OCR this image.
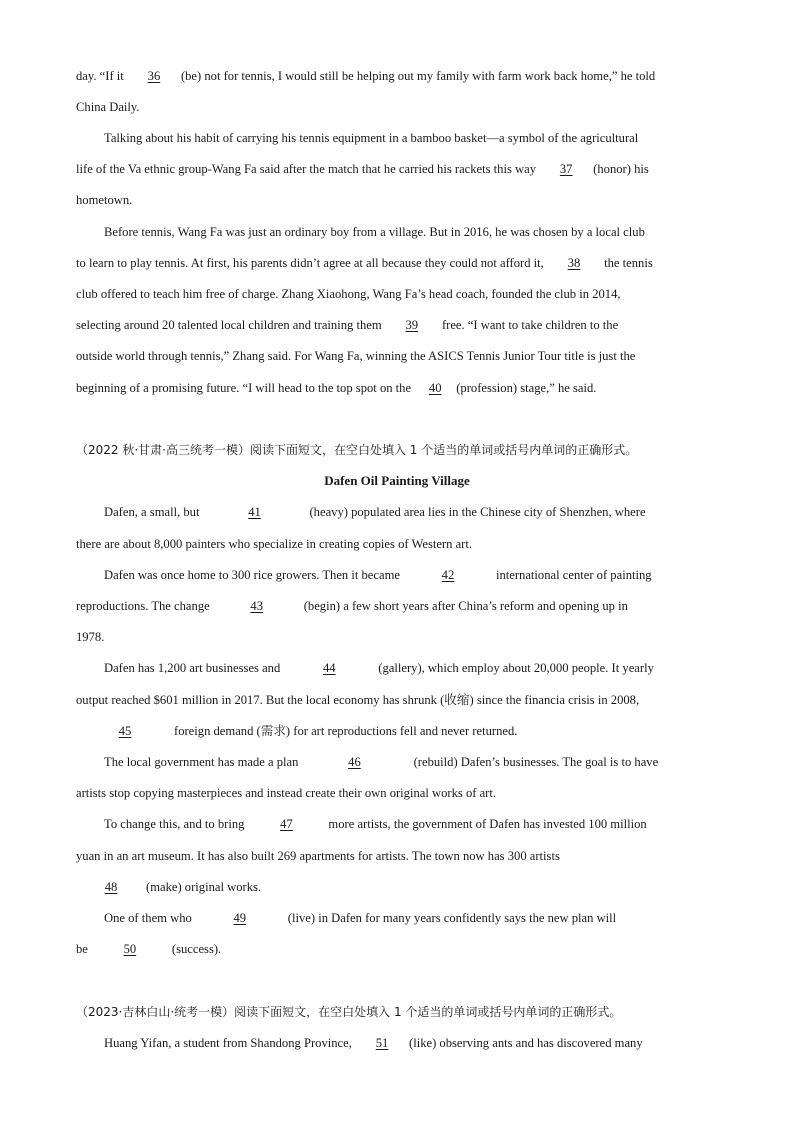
day. “If it 36 (be) not for tennis, I would still be helping out my family with farm work back home,” he told
China Daily.
Talking about his habit of carrying his tennis equipment in a bamboo basket—a symbol of the agricultural
life of the Va ethnic group-Wang Fa said after the match that he carried his rackets this way 37 (honor) his
hometown.
Before tennis, Wang Fa was just an ordinary boy from a village. But in 2016, he was chosen by a local club
to learn to play tennis. At first, his parents didn’t agree at all because they could not afford it, 38 the tennis
club offered to teach him free of charge. Zhang Xiaohong, Wang Fa’s head coach, founded the club in 2014,
selecting around 20 talented local children and training them 39 free. “I want to take children to the
outside world through tennis,” Zhang said. For Wang Fa, winning the ASICS Tennis Junior Tour title is just the
beginning of a promising future. “I will head to the top spot on the 40 (profession) stage,” he said.
（2022 秋·甘肃·高三统考一模）阅读下面短文，在空白处填入 1 个适当的单词或括号内单词的正确形式。
Dafen Oil Painting Village
Dafen, a small, but	41	(heavy) populated area lies in the Chinese city of Shenzhen, where
there are about 8,000 painters who specialize in creating copies of Western art.
Dafen was once home to 300 rice growers. Then it became	42	international center of painting
reproductions. The change	43	(begin) a few short years after China’s reform and opening up in
1978.
Dafen has 1,200 art businesses and	44	(gallery), which employ about 20,000 people. It yearly
output reached $601 million in 2017. But the local economy has shrunk (收缩) since the financia crisis in 2008,
45	foreign demand (需求) for art reproductions fell and never returned.
The local government has made a plan	46	(rebuild) Dafen’s businesses. The goal is to have
artists stop copying masterpieces and instead create their own original works of art.
To change this, and to bring	47	more artists, the government of Dafen has invested 100 million
yuan in an art museum. It has also built 269 apartments for artists. The town now has 300 artists
48 (make) original works.
One of them who	49	(live) in Dafen for many years confidently says the new plan will
be	50	(success).
（2023·吉林白山·统考一模）阅读下面短文，在空白处填入 1 个适当的单词或括号内单词的正确形式。
Huang Yifan, a student from Shandong Province, 51 (like) observing ants and has discovered many
